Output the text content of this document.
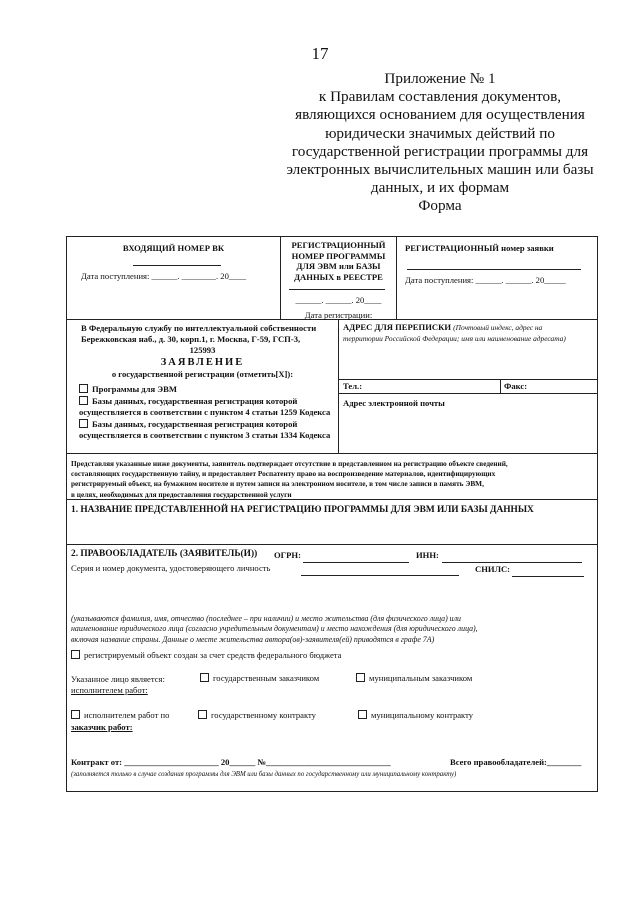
17
Приложение № 1
к Правилам составления документов,
являющихся основанием для осуществления
юридически значимых действий по
государственной регистрации программы для
электронных вычислительных машин или базы
данных, и их формам
Форма
ВХОДЯЩИЙ НОМЕР ВК
Дата поступления: ______. ________. 20____
РЕГИСТРАЦИОННЫЙ
НОМЕР ПРОГРАММЫ
ДЛЯ ЭВМ или БАЗЫ
ДАННЫХ в РЕЕСТРЕ
______. ______. 20____
Дата регистрации:
РЕГИСТРАЦИОННЫЙ номер заявки
Дата поступления: ______. ______. 20_____
В Федеральную службу по интеллектуальной собственности
Бережковская наб., д. 30, корп.1, г. Москва, Г-59, ГСП-3,
125993
ЗАЯВЛЕНИЕ
о государственной регистрации (отметить[X]):
Программы для ЭВМ
Базы данных, государственная регистрация которой
осуществляется в соответствии с пунктом 4 статьи 1259 Кодекса
Базы данных, государственная регистрация которой
осуществляется в соответствии с пунктом 3 статьи 1334 Кодекса
АДРЕС ДЛЯ ПЕРЕПИСКИ (Почтовый индекс, адрес на
территории Российской Федерации; имя или наименование адресата)
Тел.:	Факс:
Адрес электронной почты
Представляя указанные ниже документы, заявитель подтверждает отсутствие в представленном на регистрацию объекте сведений,
составляющих государственную тайну, и предоставляет Роспатенту право на воспроизведение материалов, идентифицирующих
регистрируемый объект, на бумажном носителе и путем записи на электронном носителе, в том числе записи в память ЭВМ,
в целях, необходимых для предоставления государственной услуги
1. НАЗВАНИЕ ПРЕДСТАВЛЕННОЙ НА РЕГИСТРАЦИЮ ПРОГРАММЫ ДЛЯ ЭВМ ИЛИ БАЗЫ ДАННЫХ
2. ПРАВООБЛАДАТЕЛЬ (ЗАЯВИТЕЛЬ(И)) ОГРН:	ИНН:
Серия и номер документа, удостоверяющего личность	СНИЛС:
(указываются фамилия, имя, отчество (последнее – при наличии) и место жительства (для физического лица) или
наименование юридического лица (согласно учредительным документам) и место нахождения (для юридического лица),
включая название страны. Данные о месте жительства автора(ов)-заявителя(ей) приводятся в графе 7А)
регистрируемый объект создан за счет средств федерального бюджета
Указанное лицо является:	государственным заказчиком	муниципальным заказчиком
исполнителем работ:
исполнителем работ по	государственному контракту	муниципальному контракту
заказчик работ:
Контракт от: ______________________ 20______ №_____________________________	Всего правообладателей:________
(заполняется только в случае создания программы для ЭВМ или базы данных по государственному или муниципальному контракту)
